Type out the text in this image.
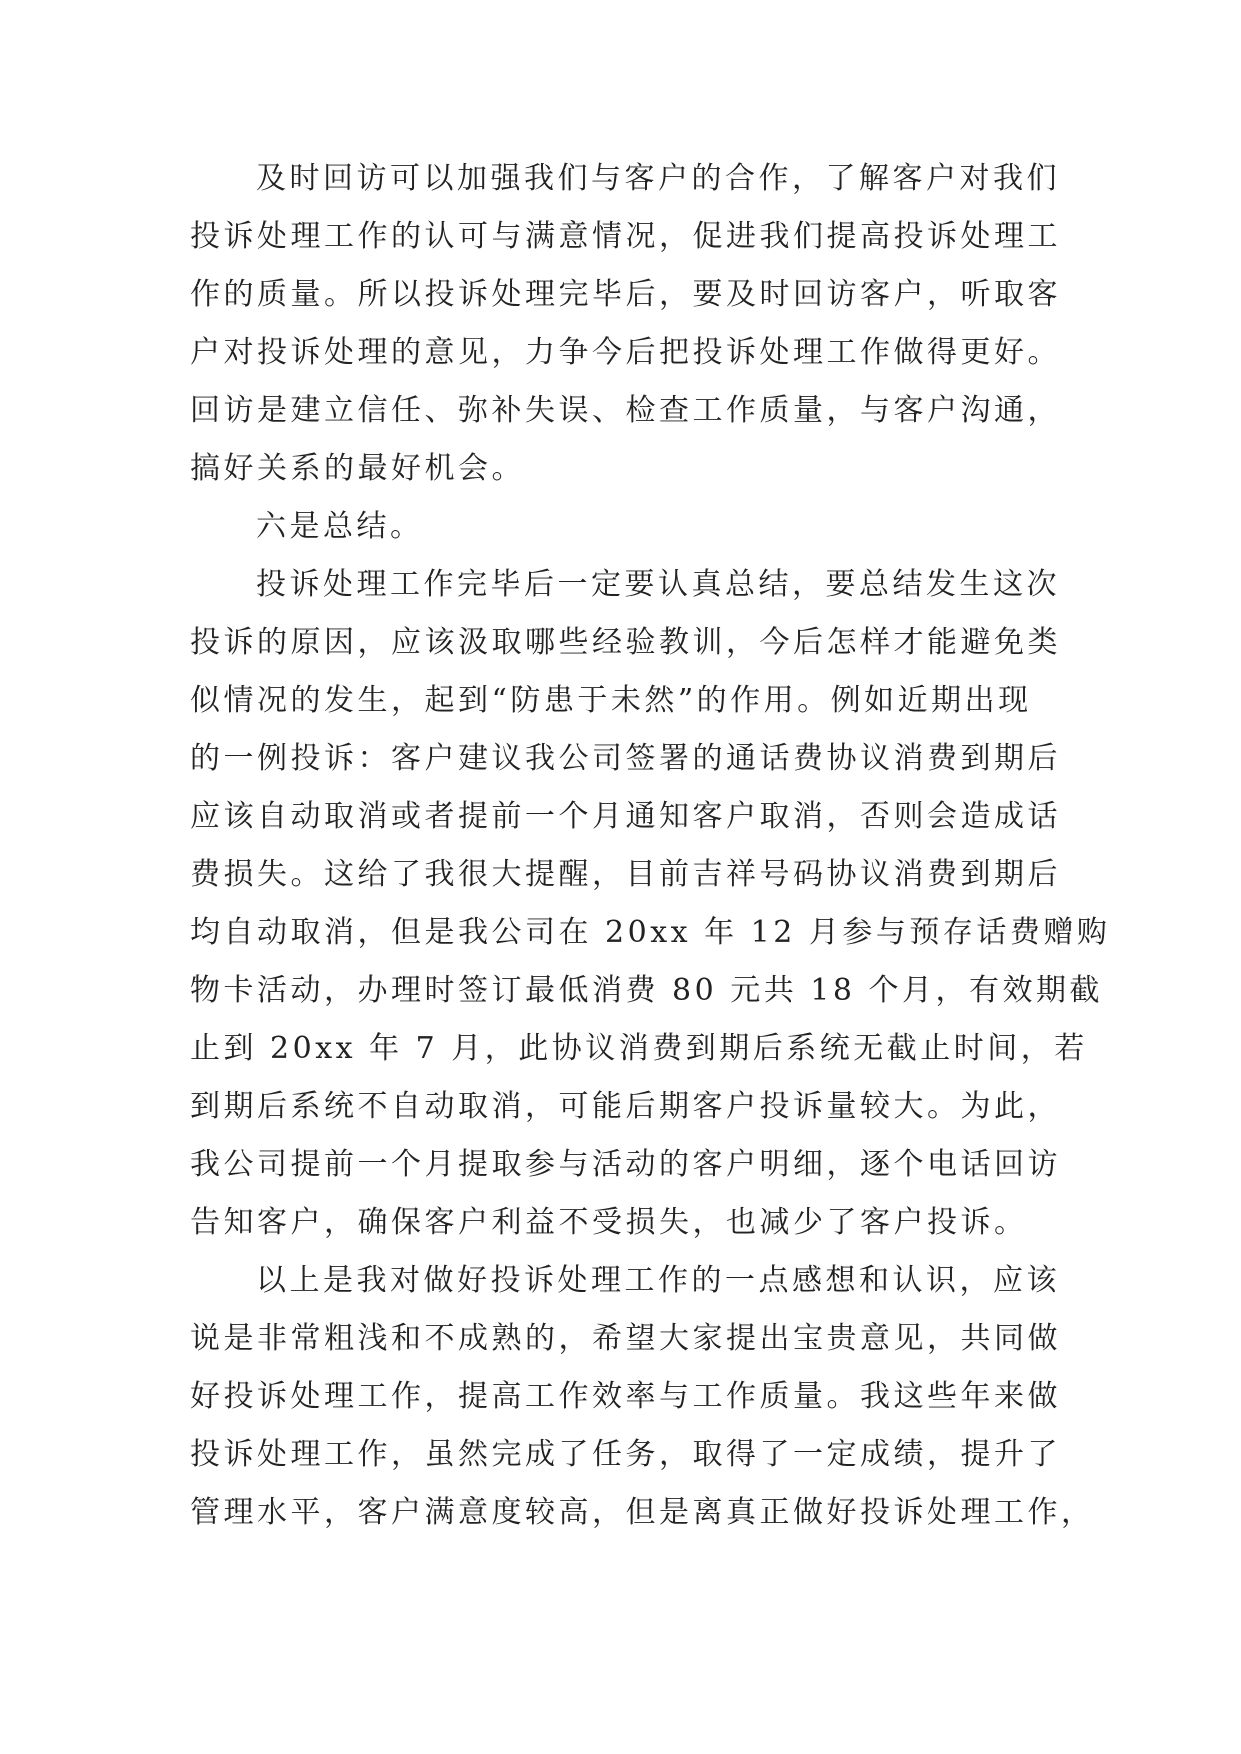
及时回访可以加强我们与客户的合作，了解客户对我们
投诉处理工作的认可与满意情况，促进我们提高投诉处理工
作的质量。所以投诉处理完毕后，要及时回访客户，听取客
户对投诉处理的意见，力争今后把投诉处理工作做得更好。
回访是建立信任、弥补失误、检查工作质量，与客户沟通，
搞好关系的最好机会。
六是总结。
投诉处理工作完毕后一定要认真总结，要总结发生这次
投诉的原因，应该汲取哪些经验教训，今后怎样才能避免类
似情况的发生，起到“防患于未然”的作用。例如近期出现
的一例投诉：客户建议我公司签署的通话费协议消费到期后
应该自动取消或者提前一个月通知客户取消，否则会造成话
费损失。这给了我很大提醒，目前吉祥号码协议消费到期后
均自动取消，但是我公司在 20xx 年 12 月参与预存话费赠购
物卡活动，办理时签订最低消费 80 元共 18 个月，有效期截
止到 20xx 年 7 月，此协议消费到期后系统无截止时间，若
到期后系统不自动取消，可能后期客户投诉量较大。为此，
我公司提前一个月提取参与活动的客户明细，逐个电话回访
告知客户，确保客户利益不受损失，也减少了客户投诉。
以上是我对做好投诉处理工作的一点感想和认识，应该
说是非常粗浅和不成熟的，希望大家提出宝贵意见，共同做
好投诉处理工作，提高工作效率与工作质量。我这些年来做
投诉处理工作，虽然完成了任务，取得了一定成绩，提升了
管理水平，客户满意度较高，但是离真正做好投诉处理工作，
